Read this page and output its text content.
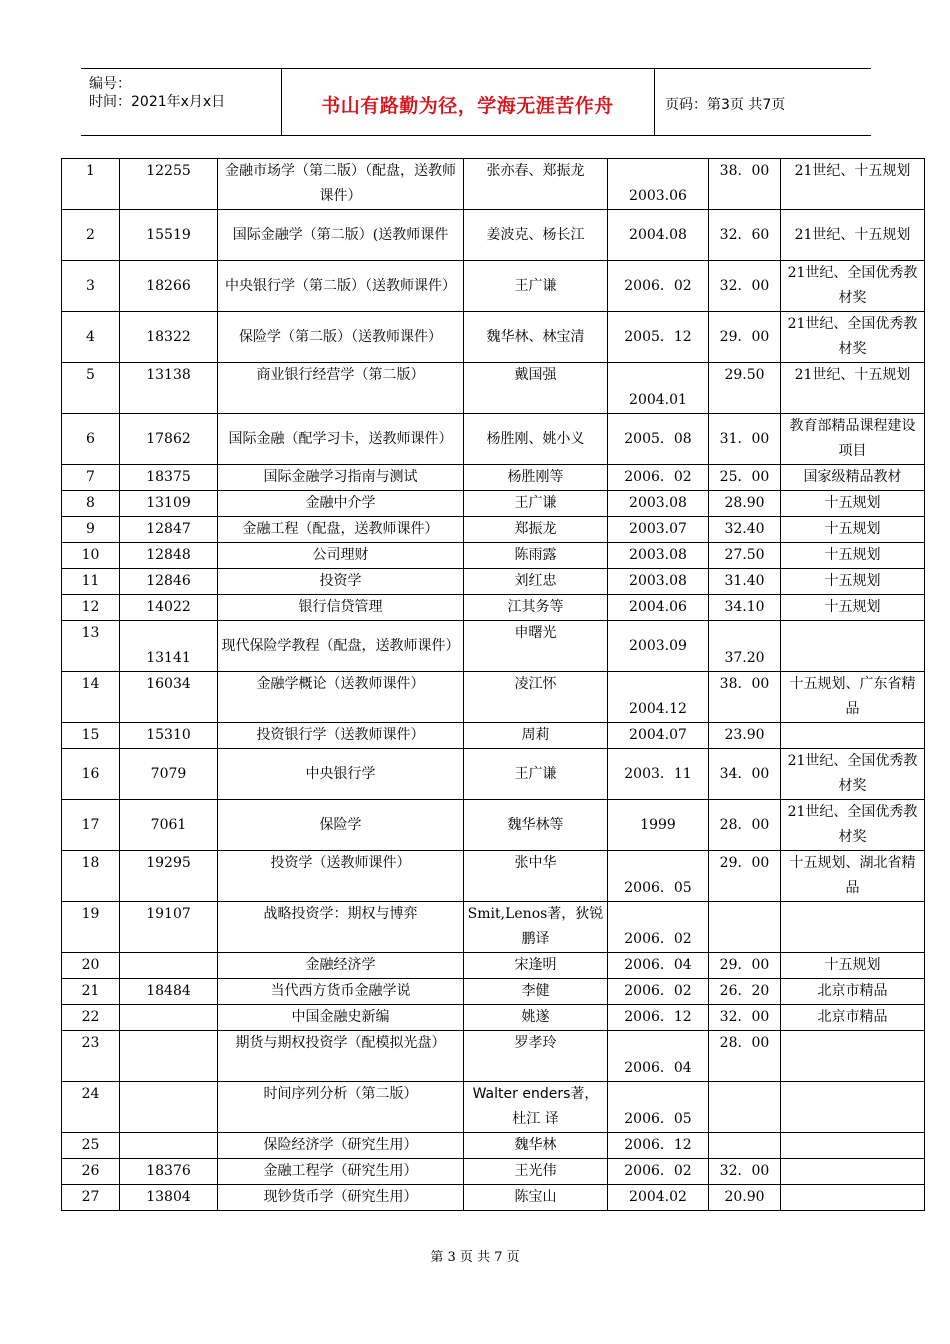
编号：
时间：2021年x月x日	书山有路勤为径，学海无涯苦作舟	页码：第3页 共7页
1	12255	金融市场学（第二版）（配盘，送教师课件）	张亦春、郑振龙	2003.06	38．00	21世纪、十五规划
2	15519	国际金融学（第二版）(送教师课件	姜波克、杨长江	2004.08	32．60	21世纪、十五规划
3	18266	中央银行学（第二版）（送教师课件）	王广谦	2006．02	32．00	21世纪、全国优秀教材奖
4	18322	保险学（第二版）（送教师课件）	魏华林、林宝清	2005．12	29．00	21世纪、全国优秀教材奖
5	13138	商业银行经营学（第二版）	戴国强	2004.01	29.50	21世纪、十五规划
6	17862	国际金融（配学习卡，送教师课件）	杨胜刚、姚小义	2005．08	31．00	教育部精品课程建设项目
7	18375	国际金融学习指南与测试	杨胜刚等	2006．02	25．00	国家级精品教材
8	13109	金融中介学	王广谦	2003.08	28.90	十五规划
9	12847	金融工程（配盘，送教师课件）	郑振龙	2003.07	32.40	十五规划
10	12848	公司理财	陈雨露	2003.08	27.50	十五规划
11	12846	投资学	刘红忠	2003.08	31.40	十五规划
12	14022	银行信贷管理	江其务等	2004.06	34.10	十五规划
13	13141	现代保险学教程（配盘，送教师课件）	申曙光	2003.09	37.20	
14	16034	金融学概论（送教师课件）	凌江怀	2004.12	38．00	十五规划、广东省精品
15	15310	投资银行学（送教师课件）	周莉	2004.07	23.90	
16	7079	中央银行学	王广谦	2003．11	34．00	21世纪、全国优秀教材奖
17	7061	保险学	魏华林等	1999	28．00	21世纪、全国优秀教材奖
18	19295	投资学（送教师课件）	张中华	2006．05	29．00	十五规划、湖北省精品
19	19107	战略投资学：期权与博弈	Smit,Lenos著，狄锐鹏译	2006．02		
20		金融经济学	宋逢明	2006．04	29．00	十五规划
21	18484	当代西方货币金融学说	李健	2006．02	26．20	北京市精品
22		中国金融史新编	姚遂	2006．12	32．00	北京市精品
23		期货与期权投资学（配模拟光盘）	罗孝玲	2006．04	28．00	
24		时间序列分析（第二版）	Walter enders著，杜江 译	2006．05		
25		保险经济学（研究生用）	魏华林	2006．12		
26	18376	金融工程学（研究生用）	王光伟	2006．02	32．00	
27	13804	现钞货币学（研究生用）	陈宝山	2004.02	20.90	
第 3 页 共 7 页
